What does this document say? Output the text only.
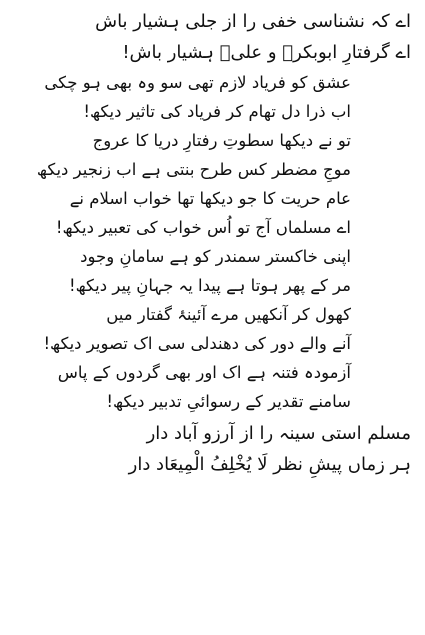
اے کہ نشناسی خفی را از جلی ہشیار باش
اے گرفتارِ ابوبکرؓ و علیؓ ہشیار باش!
عشق کو فریاد لازم تھی سو وہ بھی ہو چکی
اب ذرا دل تھام کر فریاد کی تاثیر دیکھ!
تو نے دیکھا سطوتِ رفتارِ دریا کا عروج
موجِ مضطر کس طرح بنتی ہے اب زنجیر دیکھ
عام حریت کا جو دیکھا تھا خواب اسلام نے
اے مسلماں آج تو اُس خواب کی تعبیر دیکھ!
اپنی خاکستر سمندر کو ہے سامانِ وجود
مر کے پھر ہوتا ہے پیدا یہ جہانِ پیر دیکھ!
کھول کر آنکھیں مرے آئینۂ گفتار میں
آنے والے دور کی دھندلی سی اک تصویر دیکھ!
آزمودہ فتنہ ہے اک اور بھی گردوں کے پاس
سامنے تقدیر کے رسوائیِ تدبیر دیکھ!
مسلم استی سینہ را از آرزو آباد دار
ہر زماں پیشِ نظر لَا یُخْلِفُ الْمِیعَاد دار
